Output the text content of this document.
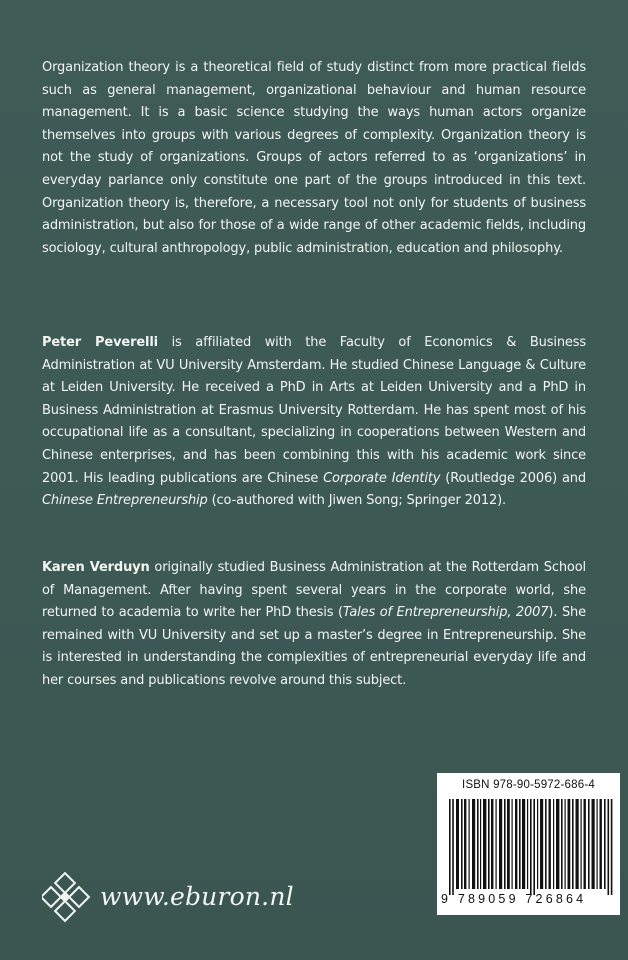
Organization theory is a theoretical field of study distinct from more practical fields such as general management, organizational behaviour and human resource management. It is a basic science studying the ways human actors organize themselves into groups with various degrees of complexity. Organization theory is not the study of organizations. Groups of actors referred to as ‘organizations’ in everyday parlance only constitute one part of the groups introduced in this text. Organization theory is, therefore, a necessary tool not only for students of business administration, but also for those of a wide range of other academic fields, including sociology, cultural anthropology, public administration, education and philosophy.

Peter Peverelli is affiliated with the Faculty of Economics & Business Administration at VU University Amsterdam. He studied Chinese Language & Culture at Leiden University. He received a PhD in Arts at Leiden University and a PhD in Business Administration at Erasmus University Rotterdam. He has spent most of his occupational life as a consultant, specializing in cooperations between Western and Chinese enterprises, and has been combining this with his academic work since 2001. His leading publications are Chinese Corporate Identity (Routledge 2006) and Chinese Entrepreneurship (co-authored with Jiwen Song; Springer 2012).

Karen Verduyn originally studied Business Administration at the Rotterdam School of Management. After having spent several years in the corporate world, she returned to academia to write her PhD thesis (Tales of Entrepreneurship, 2007). She remained with VU University and set up a master’s degree in Entrepreneurship. She is interested in understanding the complexities of entrepreneurial everyday life and her courses and publications revolve around this subject.

www.eburon.nl
ISBN 978-90-5972-686-4
9 789059 726864
